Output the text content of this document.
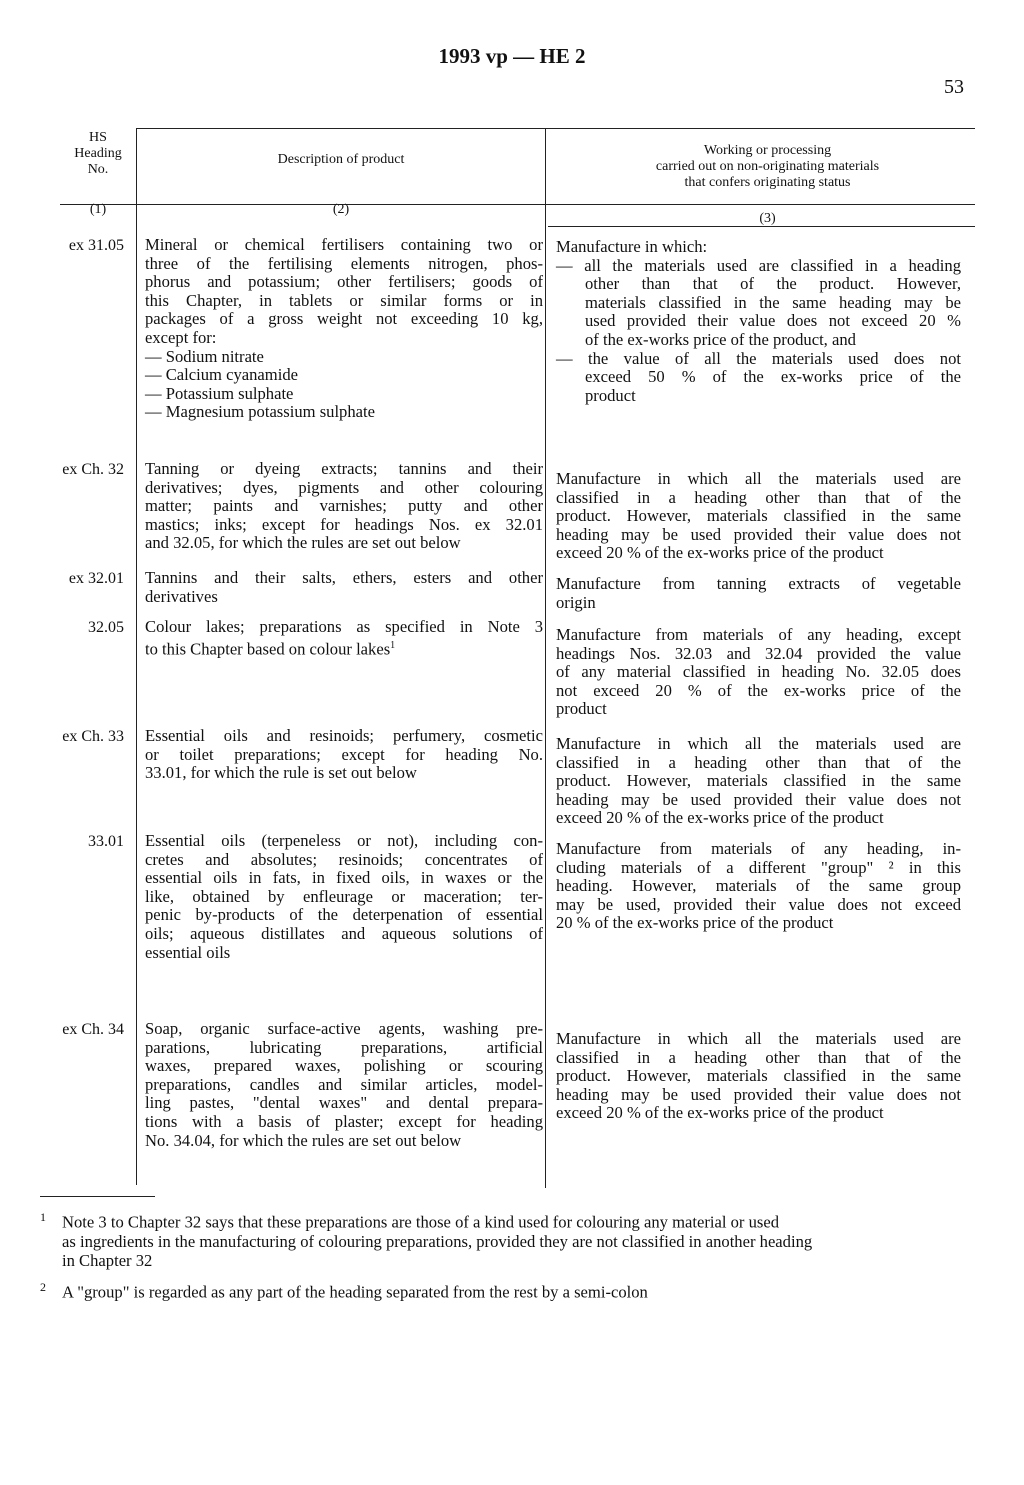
1993 vp — HE 2
53
HS
Heading
No.
Description of product
Working or processing
carried out on non-originating materials
that confers originating status
(1)	(2)
(3)
ex 31.05 Mineral or chemical fertilisers containing two or
three of the fertilising elements nitrogen, phos-
phorus and potassium; other fertilisers; goods of
this Chapter, in tablets or similar forms or in
packages of a gross weight not exceeding 10 kg,
except for:
— Sodium nitrate
— Calcium cyanamide
— Potassium sulphate
— Magnesium potassium sulphate
Manufacture in which:
— all the materials used are classified in a heading
other than that of the product. However,
materials classified in the same heading may be
used provided their value does not exceed 20 %
of the ex-works price of the product, and
— the value of all the materials used does not
exceed 50 % of the ex-works price of the
product
ex Ch. 32 Tanning or dyeing extracts; tannins and their
derivatives; dyes, pigments and other colouring
matter; paints and varnishes; putty and other
mastics; inks; except for headings Nos. ex 32.01
and 32.05, for which the rules are set out below
Manufacture in which all the materials used are
classified in a heading other than that of the
product. However, materials classified in the same
heading may be used provided their value does not
exceed 20 % of the ex-works price of the product
ex 32.01 Tannins and their salts, ethers, esters and other
derivatives
Manufacture from tanning extracts of vegetable
origin
32.05 Colour lakes; preparations as specified in Note 3
to this Chapter based on colour lakes$^1$
Manufacture from materials of any heading, except
headings Nos. 32.03 and 32.04 provided the value
of any material classified in heading No. 32.05 does
not exceed 20 % of the ex-works price of the
product
ex Ch. 33 Essential oils and resinoids; perfumery, cosmetic
or toilet preparations; except for heading No.
33.01, for which the rule is set out below
Manufacture in which all the materials used are
classified in a heading other than that of the
product. However, materials classified in the same
heading may be used provided their value does not
exceed 20 % of the ex-works price of the product
33.01 Essential oils (terpeneless or not), including con-
cretes and absolutes; resinoids; concentrates of
essential oils in fats, in fixed oils, in waxes or the
like, obtained by enfleurage or maceration; ter-
penic by-products of the deterpenation of essential
oils; aqueous distillates and aqueous solutions of
essential oils
Manufacture from materials of any heading, in-
cluding materials of a different "group" ² in this
heading. However, materials of the same group
may be used, provided their value does not exceed
20 % of the ex-works price of the product
ex Ch. 34 Soap, organic surface-active agents, washing pre-
parations, lubricating preparations, artificial
waxes, prepared waxes, polishing or scouring
preparations, candles and similar articles, model-
ling pastes, "dental waxes" and dental prepara-
tions with a basis of plaster; except for heading
No. 34.04, for which the rules are set out below
Manufacture in which all the materials used are
classified in a heading other than that of the
product. However, materials classified in the same
heading may be used provided their value does not
exceed 20 % of the ex-works price of the product
1 Note 3 to Chapter 32 says that these preparations are those of a kind used for colouring any material or used
as ingredients in the manufacturing of colouring preparations, provided they are not classified in another heading
in Chapter 32
2 A "group" is regarded as any part of the heading separated from the rest by a semi-colon
